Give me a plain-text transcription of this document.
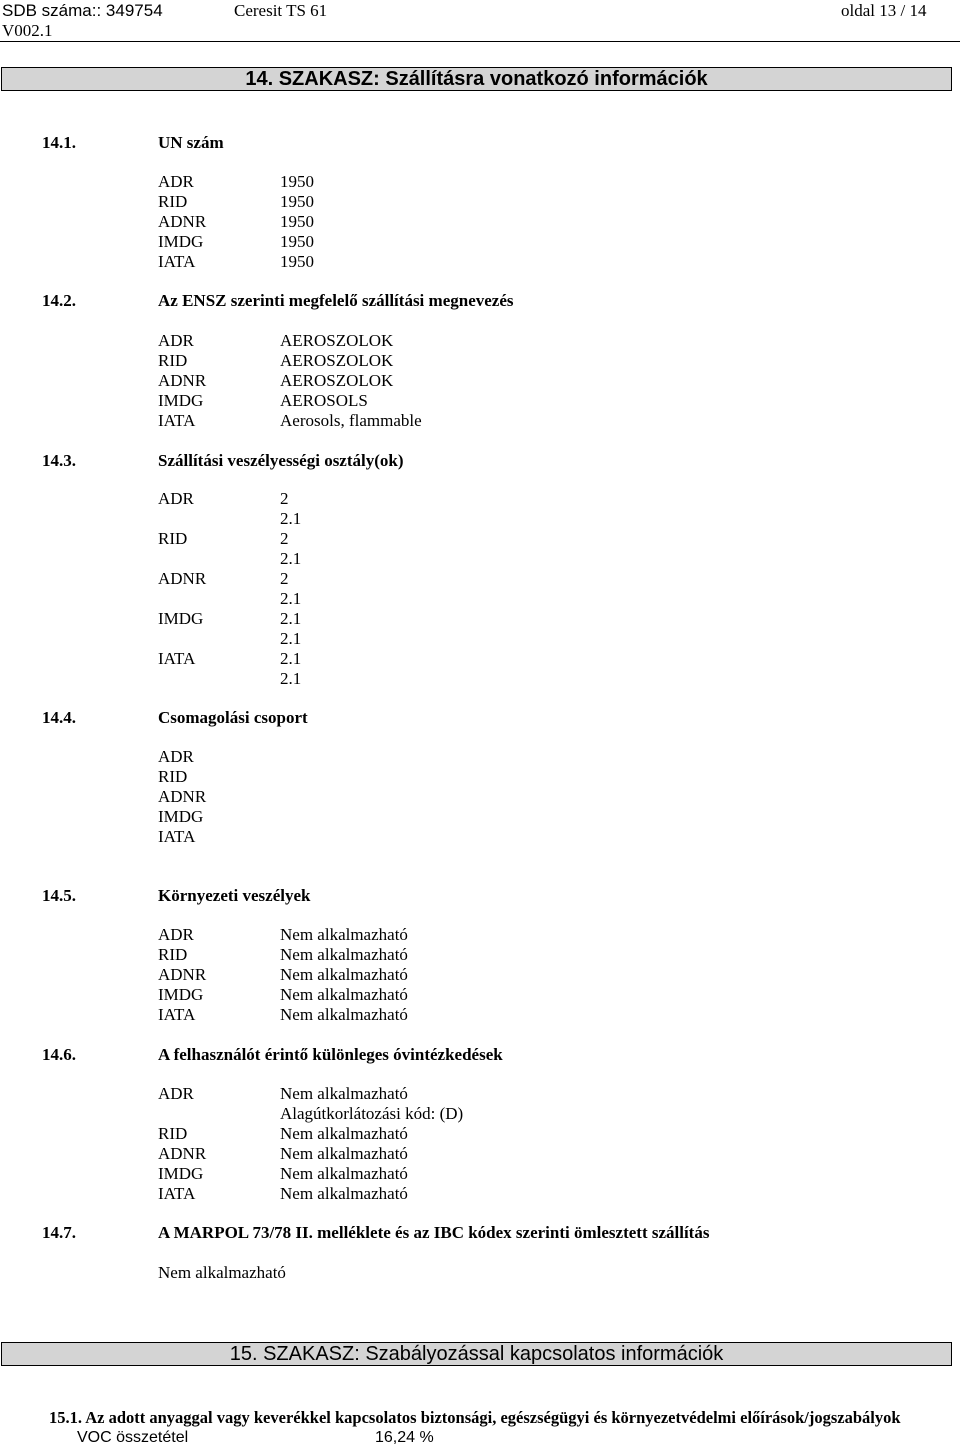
SDB száma:: 349754	Ceresit TS 61	oldal 13 / 14
V002.1
14. SZAKASZ: Szállításra vonatkozó információk
14.1.	UN szám
ADR	1950
RID	1950
ADNR	1950
IMDG	1950
IATA	1950
14.2.	Az ENSZ szerinti megfelelő szállítási megnevezés
ADR	AEROSZOLOK
RID	AEROSZOLOK
ADNR	AEROSZOLOK
IMDG	AEROSOLS
IATA	Aerosols, flammable
14.3.	Szállítási veszélyességi osztály(ok)
ADR	2
2.1
RID	2
2.1
ADNR	2
2.1
IMDG	2.1
2.1
IATA	2.1
2.1
14.4.	Csomagolási csoport
ADR
RID
ADNR
IMDG
IATA
14.5.	Környezeti veszélyek
ADR	Nem alkalmazható
RID	Nem alkalmazható
ADNR	Nem alkalmazható
IMDG	Nem alkalmazható
IATA	Nem alkalmazható
14.6.	A felhasználót érintő különleges óvintézkedések
ADR	Nem alkalmazható
Alagútkorlátozási kód: (D)
RID	Nem alkalmazható
ADNR	Nem alkalmazható
IMDG	Nem alkalmazható
IATA	Nem alkalmazható
14.7.	A MARPOL 73/78 II. melléklete és az IBC kódex szerinti ömlesztett szállítás
Nem alkalmazható
15. SZAKASZ: Szabályozással kapcsolatos információk
15.1. Az adott anyaggal vagy keverékkel kapcsolatos biztonsági, egészségügyi és környezetvédelmi előírások/jogszabályok
VOC összetétel	16,24 %
